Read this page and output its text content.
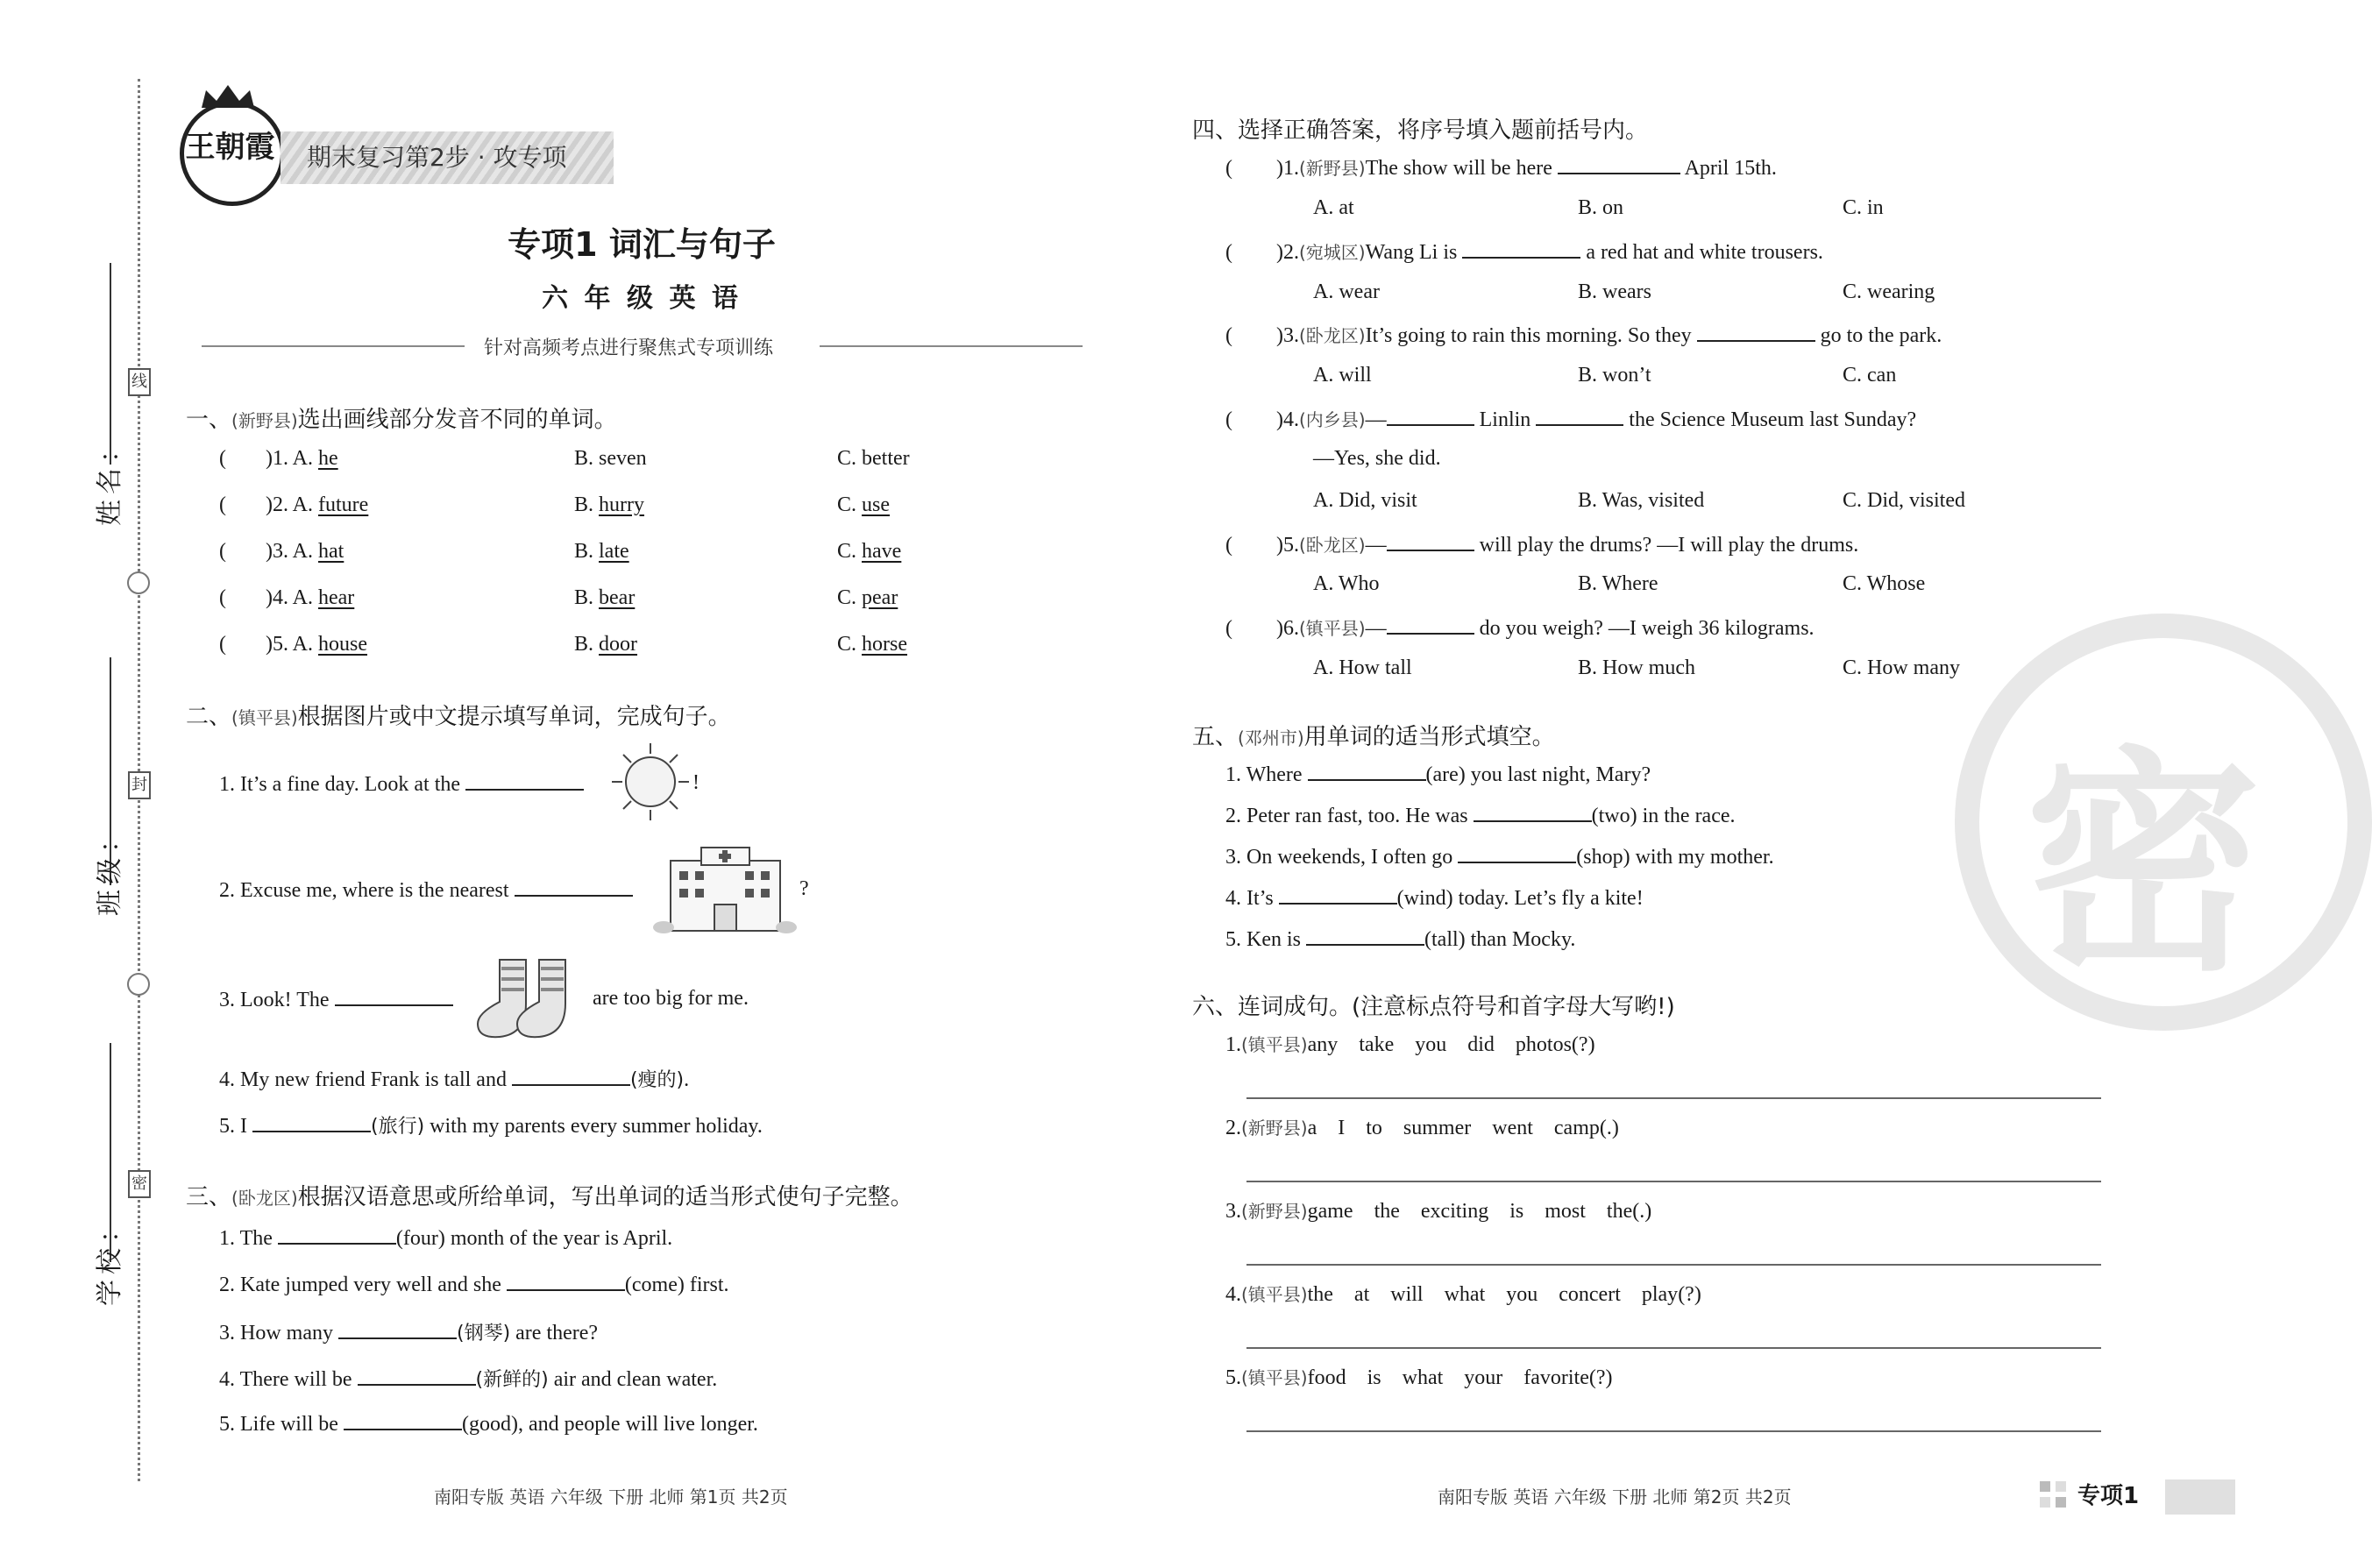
线
封
密
姓名：
班级：
学校：
王朝霞 期末复习第2步 · 攻专项
专项1 词汇与句子
六 年 级 英 语
针对高频考点进行聚焦式专项训练
一、(新野县)选出画线部分发音不同的单词。
( )1. A. he	B. seven	C. better
( )2. A. future	B. hurry	C. use
( )3. A. hat	B. late	C. have
( )4. A. hear	B. bear	C. pear
( )5. A. house	B. door	C. horse
二、(镇平县)根据图片或中文提示填写单词，完成句子。
1. It’s a fine day. Look at the	!
2. Excuse me, where is the nearest	?
3. Look! The	are too big for me.
4. My new friend Frank is tall and	(瘦的).
5. I	(旅行) with my parents every summer holiday.
三、(卧龙区)根据汉语意思或所给单词，写出单词的适当形式使句子完整。
1. The	(four) month of the year is April.
2. Kate jumped very well and she	(come) first.
3. How many	(钢琴) are there?
4. There will be	(新鲜的) air and clean water.
5. Life will be	(good), and people will live longer.
南阳专版 英语 六年级 下册 北师 第1页 共2页
密
四、选择正确答案，将序号填入题前括号内。
( )1.(新野县)The show will be here	April 15th.
A. at	B. on	C. in
( )2.(宛城区)Wang Li is	a red hat and white trousers.
A. wear	B. wears	C. wearing
( )3.(卧龙区)It’s going to rain this morning. So they	go to the park.
A. will	B. won’t	C. can
( )4.(内乡县)—	Linlin	the Science Museum last Sunday?
—Yes, she did.
A. Did, visit	B. Was, visited	C. Did, visited
( )5.(卧龙区)—	will play the drums? —I will play the drums.
A. Who	B. Where	C. Whose
( )6.(镇平县)—	do you weigh? —I weigh 36 kilograms.
A. How tall	B. How much	C. How many
五、(邓州市)用单词的适当形式填空。
1. Where	(are) you last night, Mary?
2. Peter ran fast, too. He was	(two) in the race.
3. On weekends, I often go	(shop) with my mother.
4. It’s	(wind) today. Let’s fly a kite!
5. Ken is	(tall) than Mocky.
六、连词成句。(注意标点符号和首字母大写哟!)
1.(镇平县)any    take    you    did    photos(?)
2.(新野县)a    I    to    summer    went    camp(.)
3.(新野县)game    the    exciting    is    most    the(.)
4.(镇平县)the    at    will    what    you    concert    play(?)
5.(镇平县)food    is    what    your    favorite(?)
南阳专版 英语 六年级 下册 北师 第2页 共2页	专项1
